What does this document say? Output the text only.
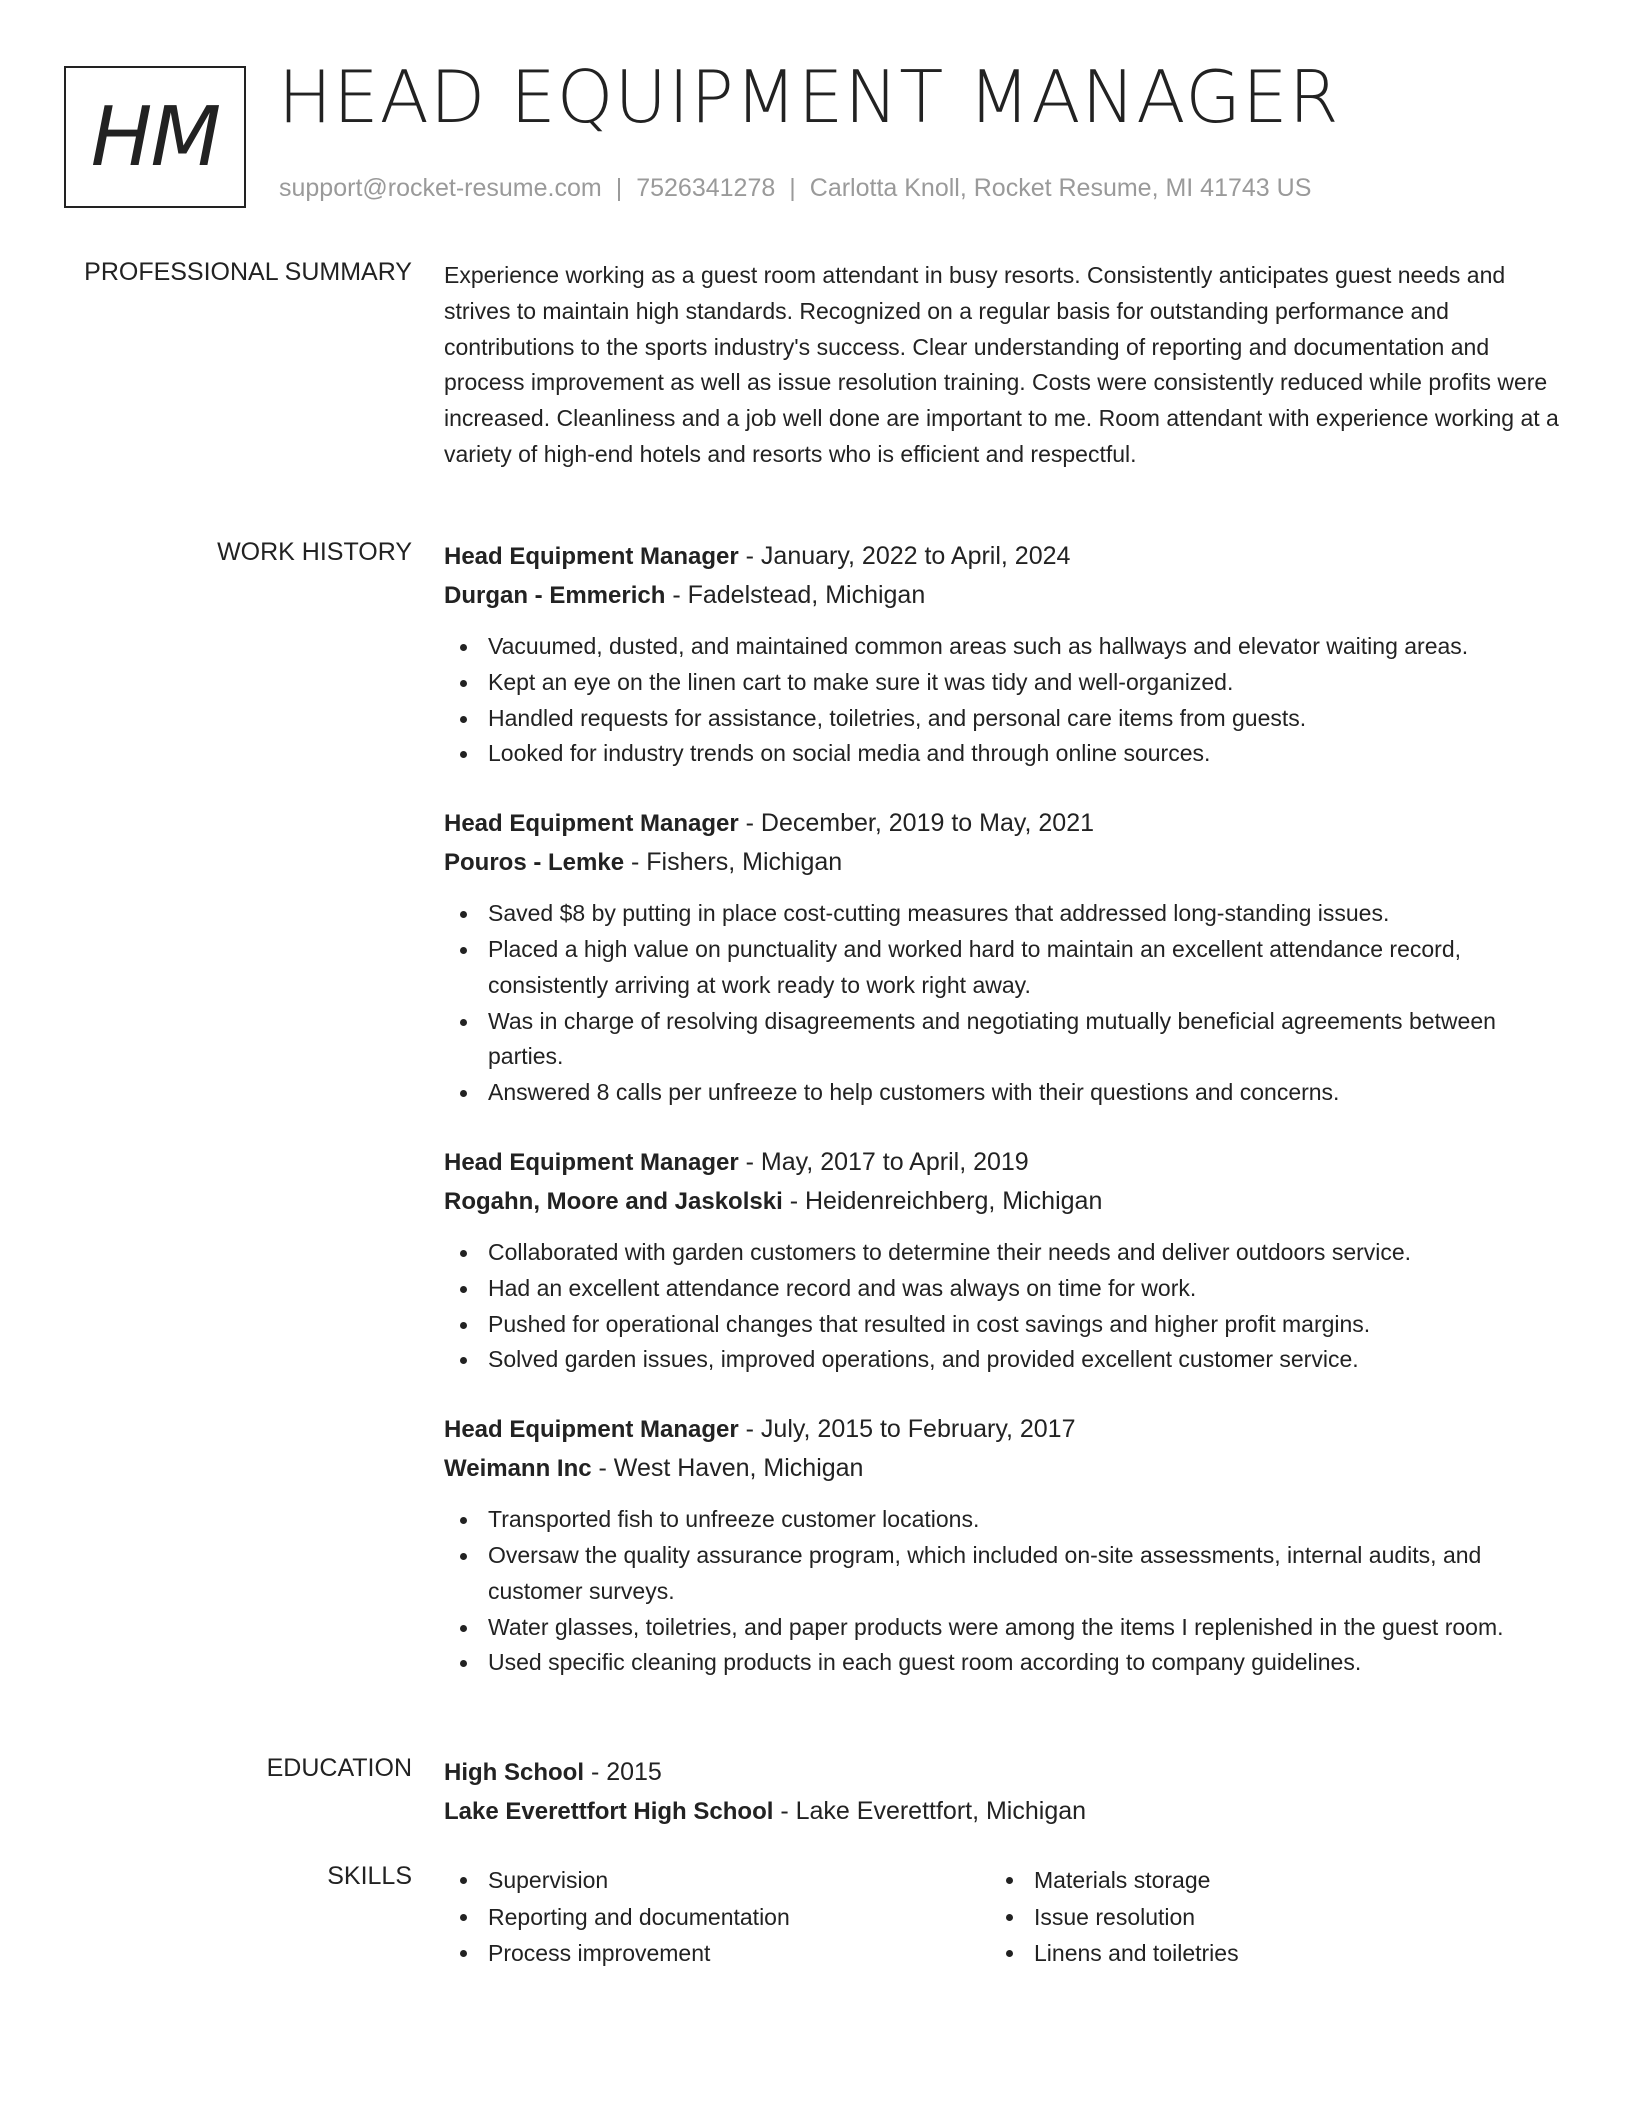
HM HEAD EQUIPMENT MANAGER
support@rocket-resume.com | 7526341278 | Carlotta Knoll, Rocket Resume, MI 41743 US
PROFESSIONAL SUMMARY Experience working as a guest room attendant in busy resorts. Consistently anticipates guest needs and strives to maintain high standards. Recognized on a regular basis for outstanding performance and contributions to the sports industry's success. Clear understanding of reporting and documentation and process improvement as well as issue resolution training. Costs were consistently reduced while profits were increased. Cleanliness and a job well done are important to me. Room attendant with experience working at a variety of high-end hotels and resorts who is efficient and respectful.

WORK HISTORY Head Equipment Manager - January, 2022 to April, 2024
Durgan - Emmerich - Fadelstead, Michigan
Vacuumed, dusted, and maintained common areas such as hallways and elevator waiting areas.
Kept an eye on the linen cart to make sure it was tidy and well-organized.
Handled requests for assistance, toiletries, and personal care items from guests.
Looked for industry trends on social media and through online sources.
Head Equipment Manager - December, 2019 to May, 2021
Pouros - Lemke - Fishers, Michigan
Saved $8 by putting in place cost-cutting measures that addressed long-standing issues.
Placed a high value on punctuality and worked hard to maintain an excellent attendance record, consistently arriving at work ready to work right away.
Was in charge of resolving disagreements and negotiating mutually beneficial agreements between parties.
Answered 8 calls per unfreeze to help customers with their questions and concerns.
Head Equipment Manager - May, 2017 to April, 2019
Rogahn, Moore and Jaskolski - Heidenreichberg, Michigan
Collaborated with garden customers to determine their needs and deliver outdoors service.
Had an excellent attendance record and was always on time for work.
Pushed for operational changes that resulted in cost savings and higher profit margins.
Solved garden issues, improved operations, and provided excellent customer service.
Head Equipment Manager - July, 2015 to February, 2017
Weimann Inc - West Haven, Michigan
Transported fish to unfreeze customer locations.
Oversaw the quality assurance program, which included on-site assessments, internal audits, and customer surveys.
Water glasses, toiletries, and paper products were among the items I replenished in the guest room.
Used specific cleaning products in each guest room according to company guidelines.
EDUCATION High School - 2015
Lake Everettfort High School - Lake Everettfort, Michigan
SKILLS	Supervision
Reporting and documentation
Process improvement
Materials storage
Issue resolution
Linens and toiletries
